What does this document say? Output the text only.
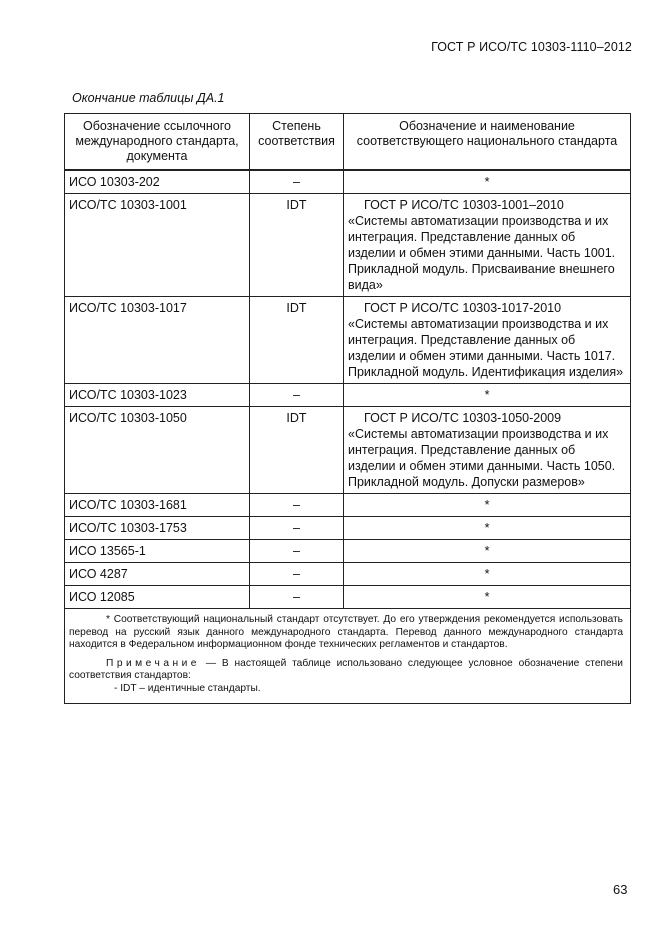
ГОСТ Р ИСО/ТС 10303-1110–2012
Окончание таблицы ДА.1
Обозначение ссылочного международного стандарта, документа	Степень соответствия	Обозначение и наименование соответствующего национального стандарта
ИСО 10303-202	–	*
ИСО/ТС 10303-1001	IDT	ГОСТ Р ИСО/ТС 10303-1001–2010
«Системы автоматизации производства и их интеграция. Представление данных об изделии и обмен этими данными. Часть 1001. Прикладной модуль. Присваивание внешнего вида»
ИСО/ТС 10303-1017	IDT	ГОСТ Р ИСО/ТС 10303-1017-2010
«Системы автоматизации производства и их интеграция. Представление данных об изделии и обмен этими данными. Часть 1017. Прикладной модуль. Идентификация изделия»
ИСО/ТС 10303-1023	–	*
ИСО/ТС 10303-1050	IDT	ГОСТ Р ИСО/ТС 10303-1050-2009
«Системы автоматизации производства и их интеграция. Представление данных об изделии и обмен этими данными. Часть 1050. Прикладной модуль. Допуски размеров»
ИСО/ТС 10303-1681	–	*
ИСО/ТС 10303-1753	–	*
ИСО 13565-1	–	*
ИСО 4287	–	*
ИСО 12085	–	*

* Соответствующий национальный стандарт отсутствует. До его утверждения рекомендуется использовать перевод на русский язык данного международного стандарта. Перевод данного международного стандарта находится в Федеральном информационном фонде технических регламентов и стандартов.
Примечание — В настоящей таблице использовано следующее условное обозначение степени соответствия стандартов:
- IDT – идентичные стандарты.		
63
